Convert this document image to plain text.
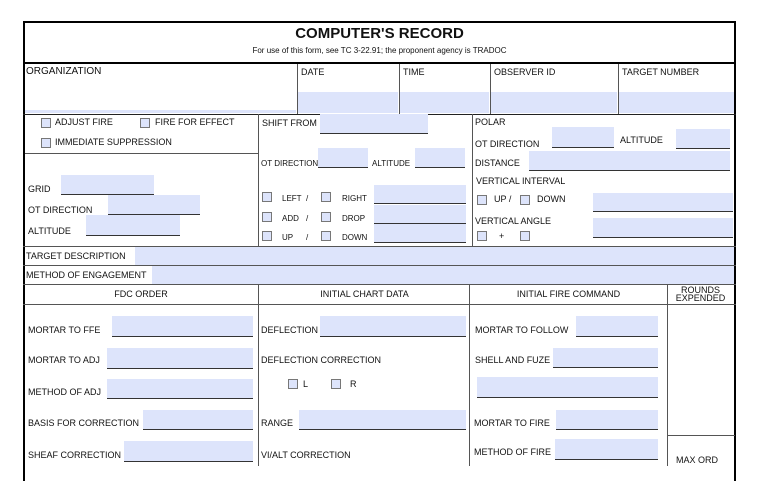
COMPUTER'S RECORD
For use of this form, see TC 3-22.91; the proponent agency is TRADOC
ORGANIZATION	DATE	TIME	OBSERVER ID	TARGET NUMBER
ADJUST FIRE	FIRE FOR EFFECT
IMMEDIATE SUPPRESSION
GRID
OT DIRECTION
ALTITUDE
SHIFT FROM
OT DIRECTION	ALTITUDE
LEFT /	RIGHT
ADD /	DROP
UP /	DOWN
POLAR
OT DIRECTION	ALTITUDE
DISTANCE
VERTICAL INTERVAL
UP /	DOWN
VERTICAL ANGLE
+
TARGET DESCRIPTION
METHOD OF ENGAGEMENT
FDC ORDER	INITIAL CHART DATA	INITIAL FIRE COMMAND	ROUNDS
EXPENDED
MORTAR TO FFE
MORTAR TO ADJ
METHOD OF ADJ
BASIS FOR CORRECTION
SHEAF CORRECTION
DEFLECTION
DEFLECTION CORRECTION
L	R
RANGE
VI/ALT CORRECTION
MORTAR TO FOLLOW
SHELL AND FUZE
MORTAR TO FIRE
METHOD OF FIRE
MAX ORD
